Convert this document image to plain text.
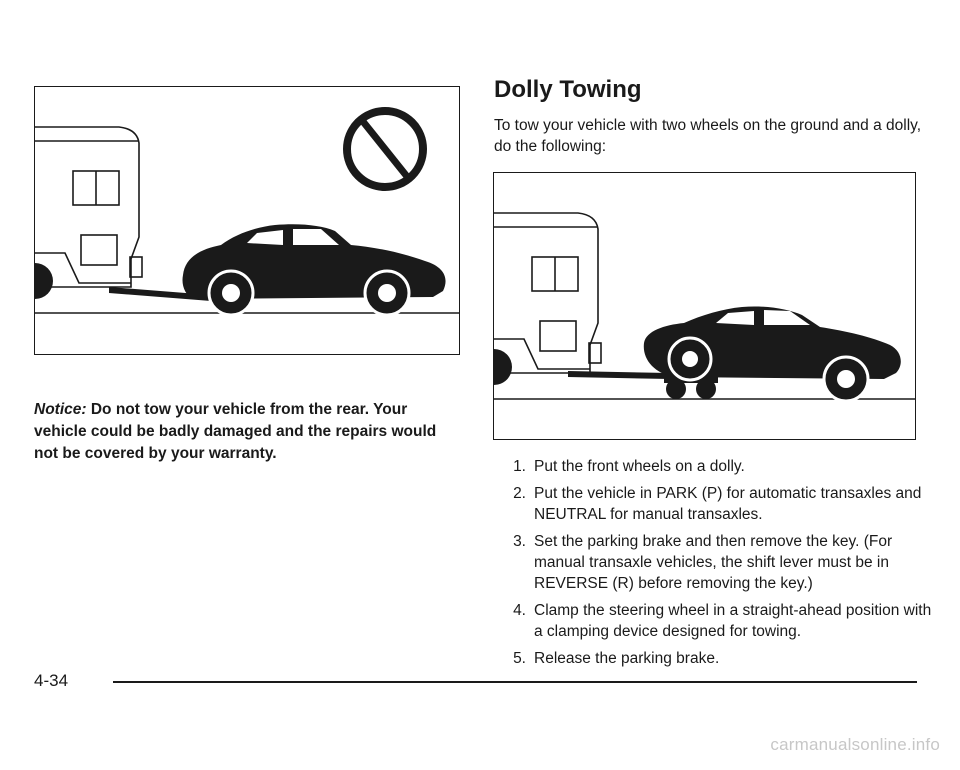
Notice: Do not tow your vehicle from the rear. Your vehicle could be badly damaged and the repairs would not be covered by your warranty.

Dolly Towing

To tow your vehicle with two wheels on the ground and a dolly, do the following:

1. Put the front wheels on a dolly.
2. Put the vehicle in PARK (P) for automatic transaxles and NEUTRAL for manual transaxles.
3. Set the parking brake and then remove the key. (For manual transaxle vehicles, the shift lever must be in REVERSE (R) before removing the key.)
4. Clamp the steering wheel in a straight-ahead position with a clamping device designed for towing.
5. Release the parking brake.
4-34
carmanualsonline.info
